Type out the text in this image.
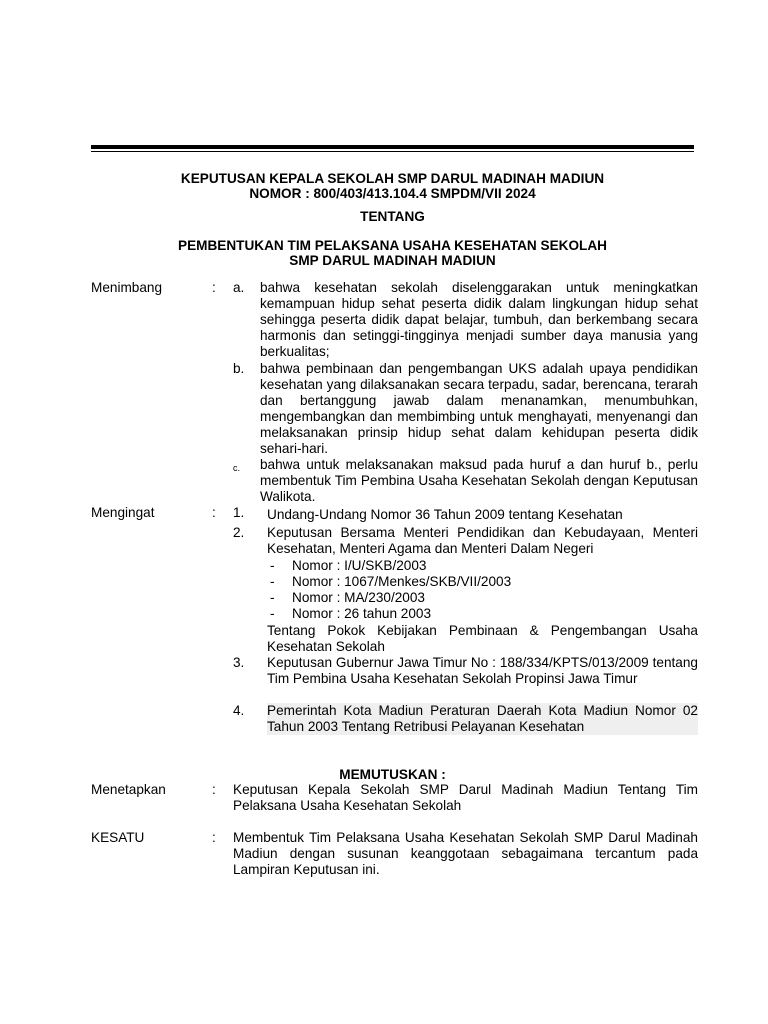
KEPUTUSAN KEPALA SEKOLAH SMP DARUL MADINAH MADIUN
NOMOR : 800/403/413.104.4 SMPDM/VII 2024
TENTANG
PEMBENTUKAN TIM PELAKSANA USAHA KESEHATAN SEKOLAH
SMP DARUL MADINAH MADIUN
Menimbang	: a. bahwa kesehatan sekolah diselenggarakan untuk meningkatkan kemampuan hidup sehat peserta didik dalam lingkungan hidup sehat sehingga peserta didik dapat belajar, tumbuh, dan berkembang secara harmonis dan setinggi-tingginya menjadi sumber daya manusia yang berkualitas;
b. bahwa pembinaan dan pengembangan UKS adalah upaya pendidikan kesehatan yang dilaksanakan secara terpadu, sadar, berencana, terarah dan bertanggung jawab dalam menanamkan, menumbuhkan, mengembangkan dan membimbing untuk menghayati, menyenangi dan melaksanakan prinsip hidup sehat dalam kehidupan peserta didik sehari-hari.
c. bahwa untuk melaksanakan maksud pada huruf a dan huruf b., perlu membentuk Tim Pembina Usaha Kesehatan Sekolah dengan Keputusan Walikota.
Mengingat	: 1. Undang-Undang Nomor 36 Tahun 2009 tentang Kesehatan
2. Keputusan Bersama Menteri Pendidikan dan Kebudayaan, Menteri Kesehatan, Menteri Agama dan Menteri Dalam Negeri
- Nomor : I/U/SKB/2003
- Nomor : 1067/Menkes/SKB/VII/2003
- Nomor : MA/230/2003
- Nomor : 26 tahun 2003
Tentang Pokok Kebijakan Pembinaan & Pengembangan Usaha Kesehatan Sekolah
3. Keputusan Gubernur Jawa Timur No : 188/334/KPTS/013/2009 tentang Tim Pembina Usaha Kesehatan Sekolah Propinsi Jawa Timur
4. Pemerintah Kota Madiun Peraturan Daerah Kota Madiun Nomor 02 Tahun 2003 Tentang Retribusi Pelayanan Kesehatan
MEMUTUSKAN :
Menetapkan	: Keputusan Kepala Sekolah SMP Darul Madinah Madiun Tentang Tim Pelaksana Usaha Kesehatan Sekolah
KESATU	: Membentuk Tim Pelaksana Usaha Kesehatan Sekolah SMP Darul Madinah Madiun dengan susunan keanggotaan sebagaimana tercantum pada Lampiran Keputusan ini.
